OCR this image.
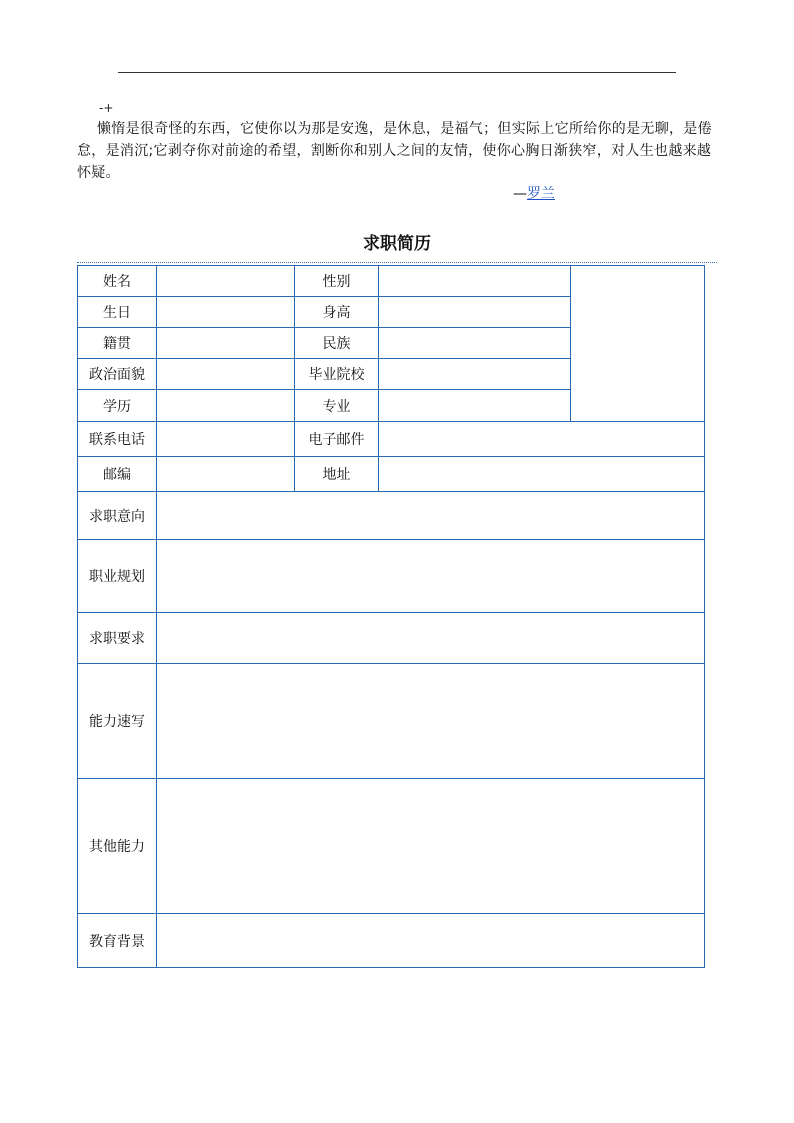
-+
懒惰是很奇怪的东西，它使你以为那是安逸，是休息，是福气；但实际上它所给你的是无聊，是倦怠，是消沉;它剥夺你对前途的希望，割断你和别人之间的友情，使你心胸日渐狭窄，对人生也越来越怀疑。
—罗兰
求职简历
姓名		性别		
生日		身高		
籍贯		民族		
政治面貌		毕业院校		
学历		专业		
联系电话		电子邮件		
邮编		地址		
求职意向				
职业规划				
求职要求				
能力速写				
其他能力				
教育背景				
